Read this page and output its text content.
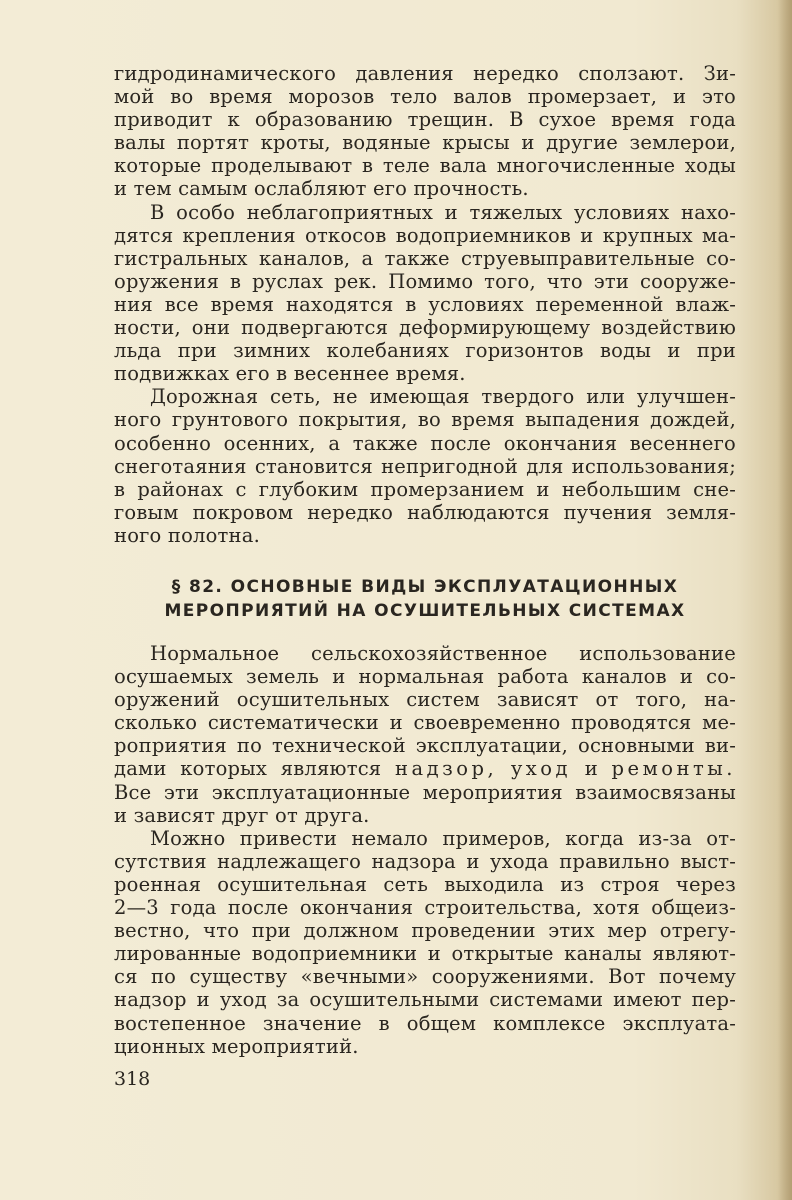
гидродинамического давления нередко сползают. Зи-
мой во время морозов тело валов промерзает, и это
приводит к образованию трещин. В сухое время года
валы портят кроты, водяные крысы и другие землерои,
которые проделывают в теле вала многочисленные ходы
и тем самым ослабляют его прочность.
В особо неблагоприятных и тяжелых условиях нахо-
дятся крепления откосов водоприемников и крупных ма-
гистральных каналов, а также струевыправительные со-
оружения в руслах рек. Помимо того, что эти сооруже-
ния все время находятся в условиях переменной влаж-
ности, они подвергаются деформирующему воздействию
льда при зимних колебаниях горизонтов воды и при
подвижках его в весеннее время.
Дорожная сеть, не имеющая твердого или улучшен-
ного грунтового покрытия, во время выпадения дождей,
особенно осенних, а также после окончания весеннего
снеготаяния становится непригодной для использования;
в районах с глубоким промерзанием и небольшим сне-
говым покровом нередко наблюдаются пучения земля-
ного полотна.
§ 82. ОСНОВНЫЕ ВИДЫ ЭКСПЛУАТАЦИОННЫХ
МЕРОПРИЯТИЙ НА ОСУШИТЕЛЬНЫХ СИСТЕМАХ
Нормальное сельскохозяйственное использование
осушаемых земель и нормальная работа каналов и со-
оружений осушительных систем зависят от того, на-
сколько систематически и своевременно проводятся ме-
роприятия по технической эксплуатации, основными ви-
дами которых являются надзор, уход и ремонты.
Все эти эксплуатационные мероприятия взаимосвязаны
и зависят друг от друга.
Можно привести немало примеров, когда из-за от-
сутствия надлежащего надзора и ухода правильно выст-
роенная осушительная сеть выходила из строя через
2—3 года после окончания строительства, хотя общеиз-
вестно, что при должном проведении этих мер отрегу-
лированные водоприемники и открытые каналы являют-
ся по существу «вечными» сооружениями. Вот почему
надзор и уход за осушительными системами имеют пер-
востепенное значение в общем комплексе эксплуата-
ционных мероприятий.
318
